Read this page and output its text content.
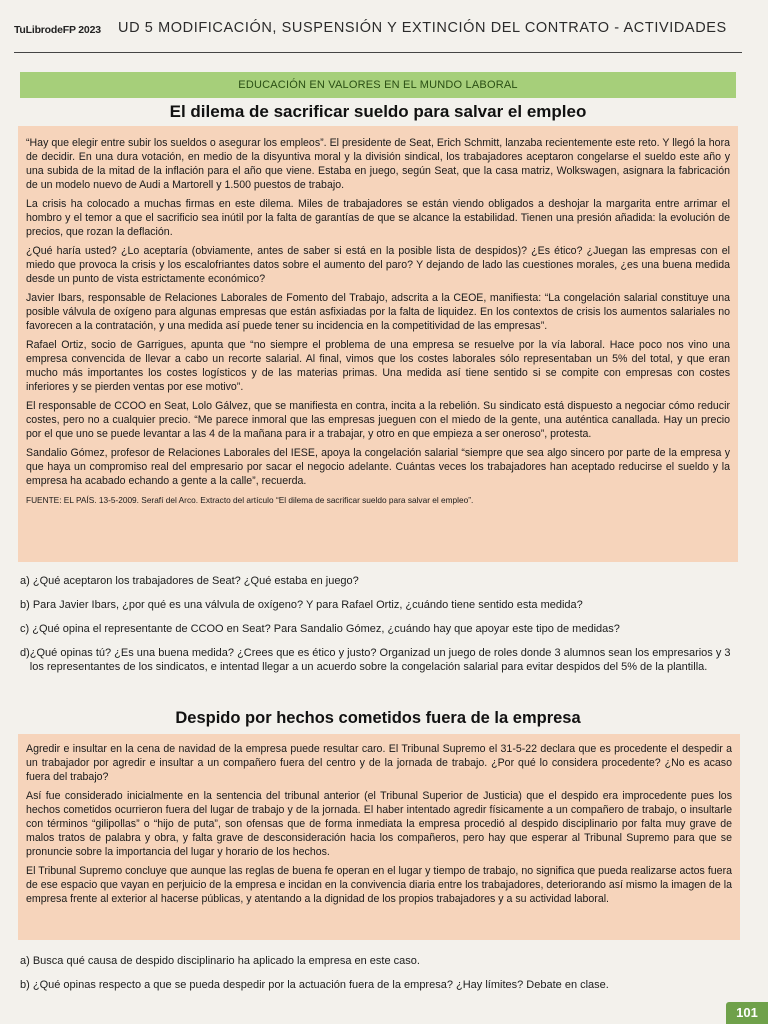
TuLibrodeFP 2023 UD 5 MODIFICACIÓN, SUSPENSIÓN Y EXTINCIÓN DEL CONTRATO - ACTIVIDADES
EDUCACIÓN EN VALORES EN EL MUNDO LABORAL
El dilema de sacrificar sueldo para salvar el empleo

“Hay que elegir entre subir los sueldos o asegurar los empleos”. El presidente de Seat, Erich Schmitt, lanzaba recientemente este reto. Y llegó la hora de decidir. En una dura votación, en medio de la disyuntiva moral y la división sindical, los trabajadores aceptaron congelarse el sueldo este año y una subida de la mitad de la inflación para el año que viene. Estaba en juego, según Seat, que la casa matriz, Wolkswagen, asignara la fabricación de un modelo nuevo de Audi a Martorell y 1.500 puestos de trabajo.

La crisis ha colocado a muchas firmas en este dilema. Miles de trabajadores se están viendo obligados a deshojar la margarita entre arrimar el hombro y el temor a que el sacrificio sea inútil por la falta de garantías de que se alcance la estabilidad. Tienen una presión añadida: la evolución de precios, que rozan la deflación.

¿Qué haría usted? ¿Lo aceptaría (obviamente, antes de saber si está en la posible lista de despidos)? ¿Es ético? ¿Juegan las empresas con el miedo que provoca la crisis y los escalofriantes datos sobre el aumento del paro? Y dejando de lado las cuestiones morales, ¿es una buena medida desde un punto de vista estrictamente económico?

Javier Ibars, responsable de Relaciones Laborales de Fomento del Trabajo, adscrita a la CEOE, manifiesta: “La congelación salarial constituye una posible válvula de oxígeno para algunas empresas que están asfixiadas por la falta de liquidez. En los contextos de crisis los aumentos salariales no favorecen a la contratación, y una medida así puede tener su incidencia en la competitividad de las empresas”.

Rafael Ortiz, socio de Garrigues, apunta que “no siempre el problema de una empresa se resuelve por la vía laboral. Hace poco nos vino una empresa convencida de llevar a cabo un recorte salarial. Al final, vimos que los costes laborales sólo representaban un 5% del total, y que eran mucho más importantes los costes logísticos y de las materias primas. Una medida así tiene sentido si se compite con empresas con costes inferiores y se pierden ventas por ese motivo”.

El responsable de CCOO en Seat, Lolo Gálvez, que se manifiesta en contra, incita a la rebelión. Su sindicato está dispuesto a negociar cómo reducir costes, pero no a cualquier precio. “Me parece inmoral que las empresas jueguen con el miedo de la gente, una auténtica canallada. Hay un precio por el que uno se puede levantar a las 4 de la mañana para ir a trabajar, y otro en que empieza a ser oneroso”, protesta.

Sandalio Gómez, profesor de Relaciones Laborales del IESE, apoya la congelación salarial “siempre que sea algo sincero por parte de la empresa y que haya un compromiso real del empresario por sacar el negocio adelante. Cuántas veces los trabajadores han aceptado reducirse el sueldo y la empresa ha acabado echando a gente a la calle”, recuerda.

FUENTE: EL PAÍS. 13-5-2009. Serafí del Arco. Extracto del artículo “El dilema de sacrificar sueldo para salvar el empleo”.

a) ¿Qué aceptaron los trabajadores de Seat? ¿Qué estaba en juego?

b) Para Javier Ibars, ¿por qué es una válvula de oxígeno? Y para Rafael Ortiz, ¿cuándo tiene sentido esta medida?

c) ¿Qué opina el representante de CCOO en Seat? Para Sandalio Gómez, ¿cuándo hay que apoyar este tipo de medidas?

d) ¿Qué opinas tú? ¿Es una buena medida? ¿Crees que es ético y justo? Organizad un juego de roles donde 3 alumnos sean los empresarios y 3 los representantes de los sindicatos, e intentad llegar a un acuerdo sobre la congelación salarial para evitar despidos del 5% de la plantilla.

Despido por hechos cometidos fuera de la empresa

Agredir e insultar en la cena de navidad de la empresa puede resultar caro. El Tribunal Supremo el 31-5-22 declara que es procedente el despedir a un trabajador por agredir e insultar a un compañero fuera del centro y de la jornada de trabajo. ¿Por qué lo considera procedente? ¿No es acaso fuera del trabajo?

Así fue considerado inicialmente en la sentencia del tribunal anterior (el Tribunal Superior de Justicia) que el despido era improcedente pues los hechos cometidos ocurrieron fuera del lugar de trabajo y de la jornada. El haber intentado agredir físicamente a un compañero de trabajo, o insultarle con términos “gilipollas” o “hijo de puta”, son ofensas que de forma inmediata la empresa procedió al despido disciplinario por falta muy grave de malos tratos de palabra y obra, y falta grave de desconsideración hacia los compañeros, pero hay que esperar al Tribunal Supremo para que se pronuncie sobre la importancia del lugar y horario de los hechos.

El Tribunal Supremo concluye que aunque las reglas de buena fe operan en el lugar y tiempo de trabajo, no significa que pueda realizarse actos fuera de ese espacio que vayan en perjuicio de la empresa e incidan en la convivencia diaria entre los trabajadores, deteriorando así mismo la imagen de la empresa frente al exterior al hacerse públicas, y atentando a la dignidad de los propios trabajadores y a su actividad laboral.

a) Busca qué causa de despido disciplinario ha aplicado la empresa en este caso.

b) ¿Qué opinas respecto a que se pueda despedir por la actuación fuera de la empresa? ¿Hay límites? Debate en clase.

101
